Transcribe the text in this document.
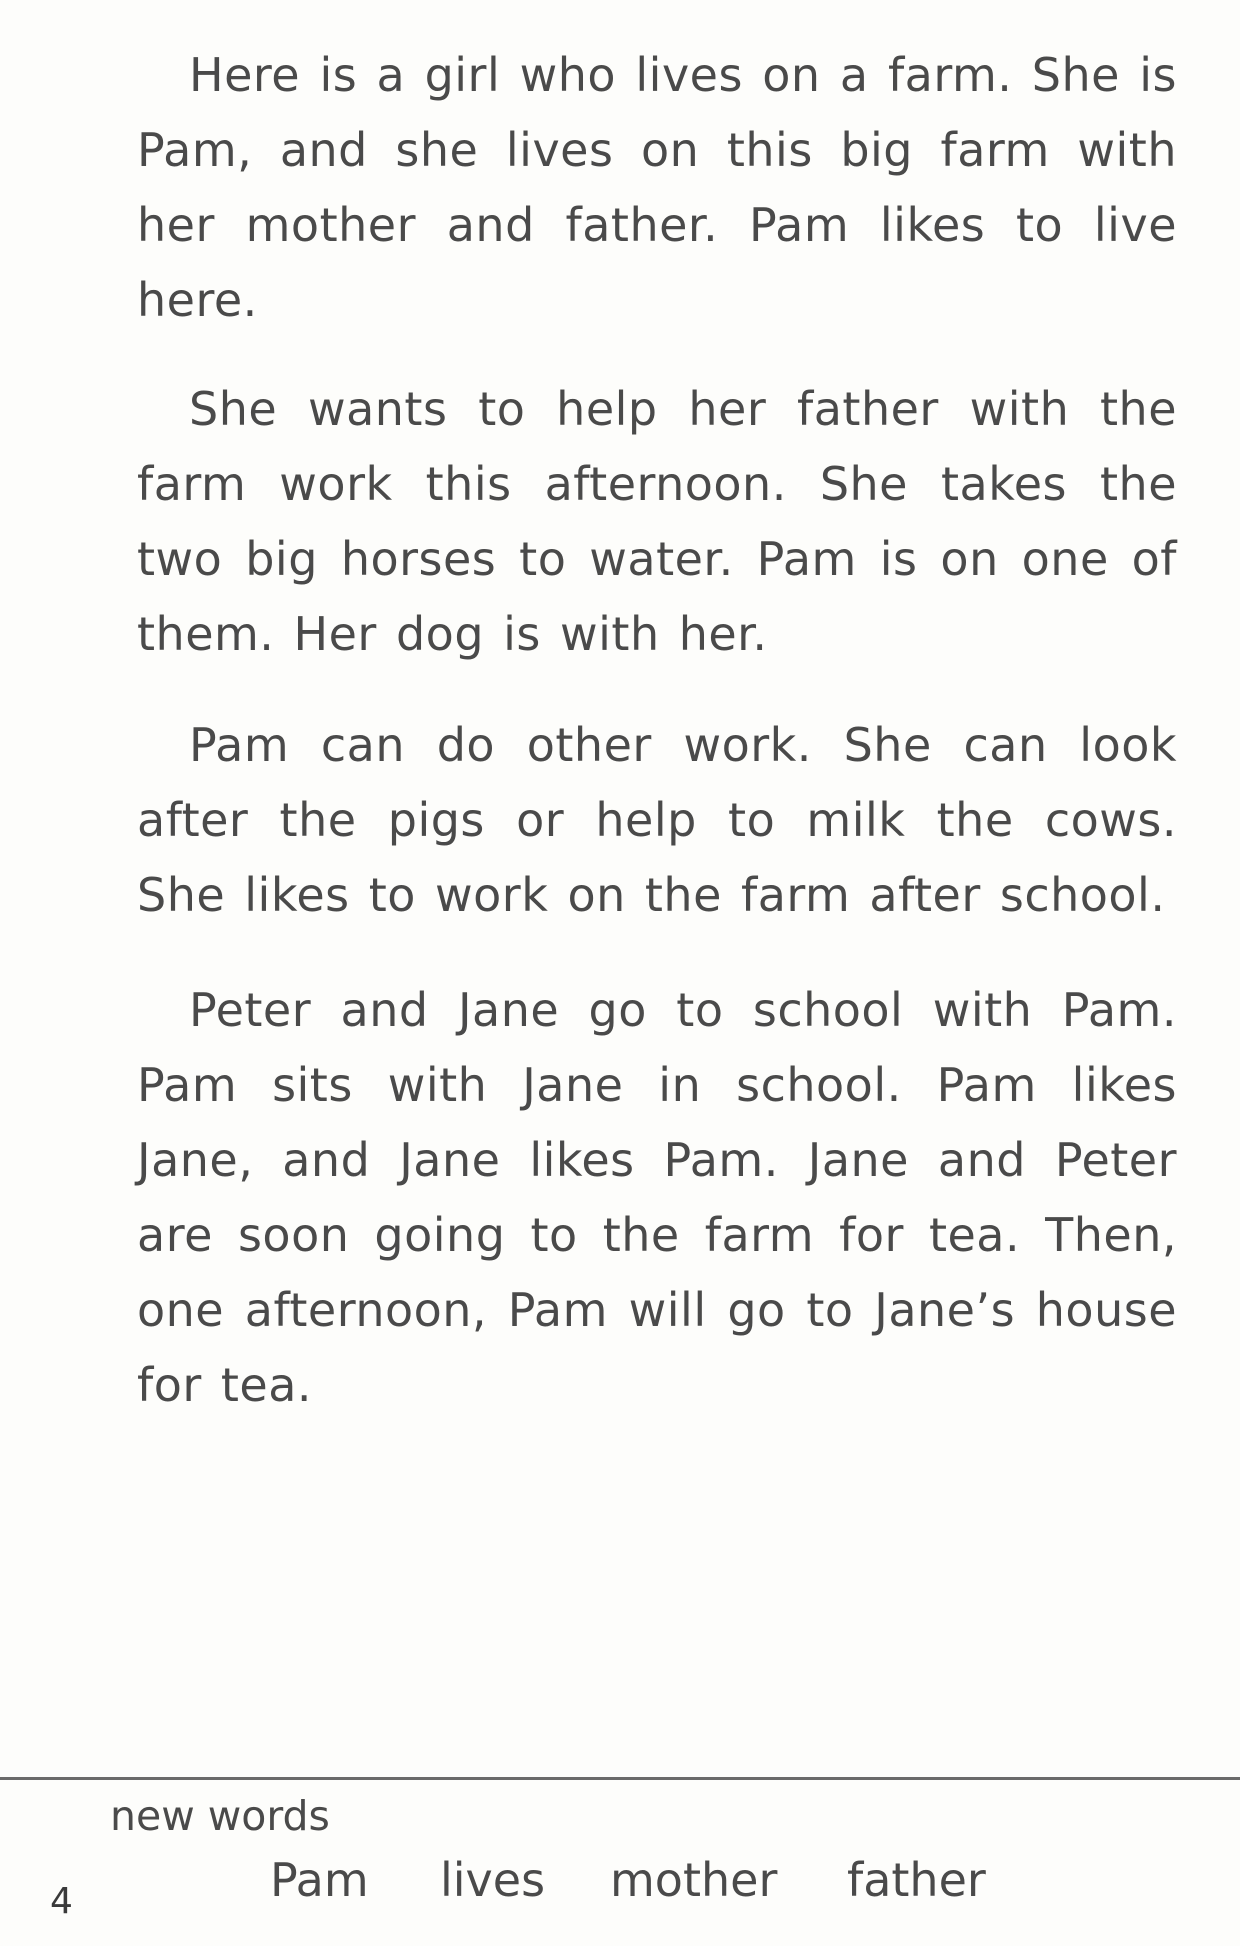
Here is a girl who lives on a farm. She is Pam, and she lives on this big farm with her mother and father. Pam likes to live here.

She wants to help her father with the farm work this afternoon. She takes the two big horses to water. Pam is on one of them. Her dog is with her.

Pam can do other work. She can look after the pigs or help to milk the cows. She likes to work on the farm after school.

Peter and Jane go to school with Pam. Pam sits with Jane in school. Pam likes Jane, and Jane likes Pam. Jane and Peter are soon going to the farm for tea. Then, one afternoon, Pam will go to Jane’s house for tea.

new words
Pam	lives	mother	father
4
